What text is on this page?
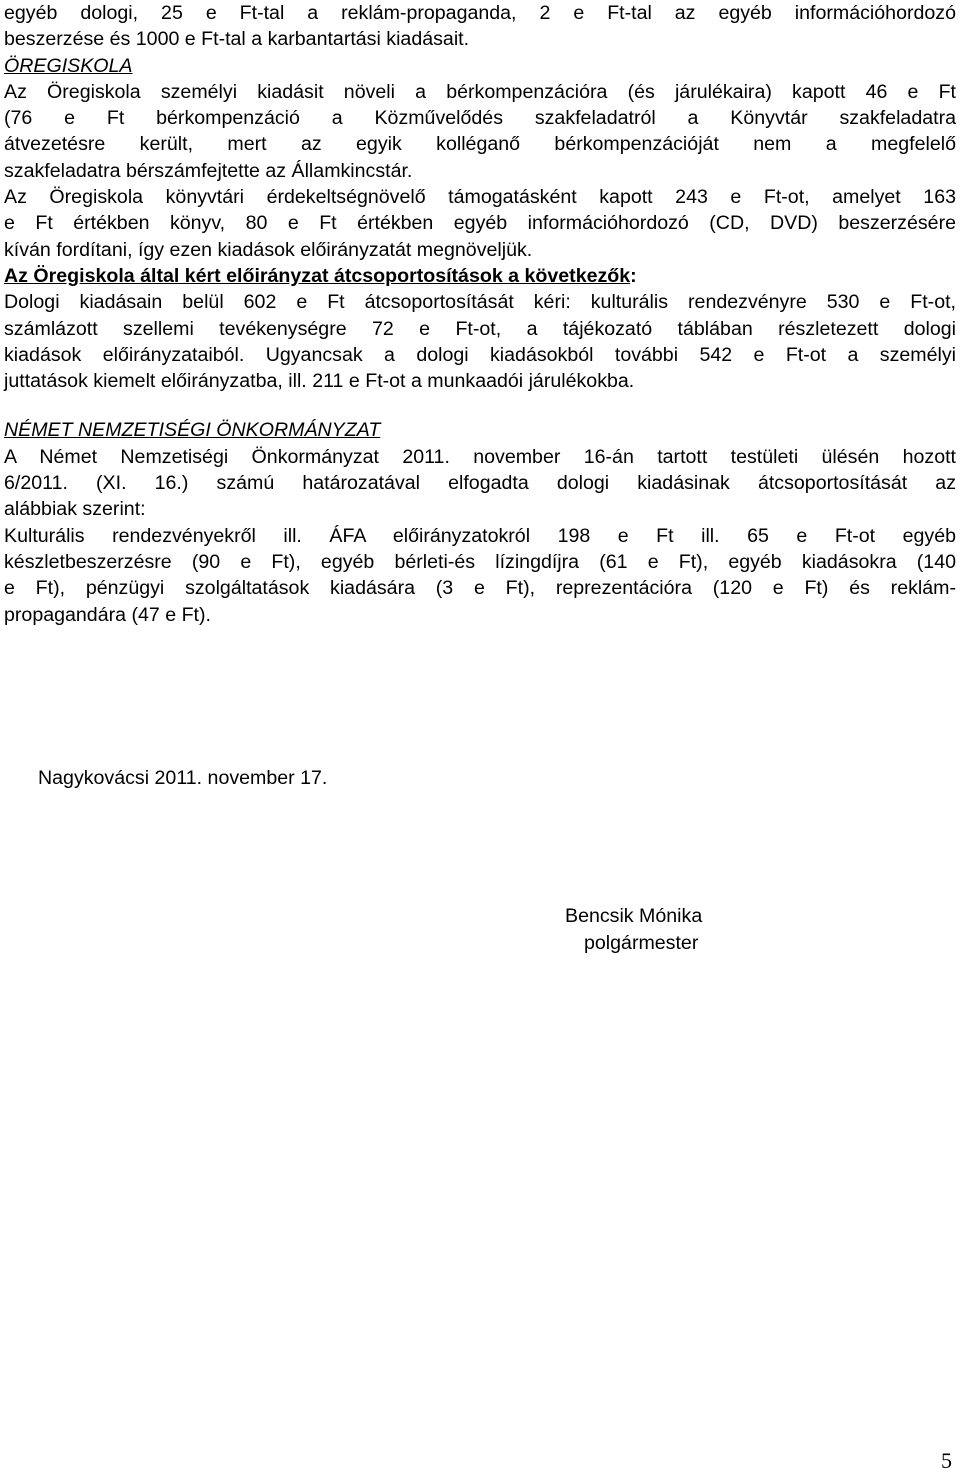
egyéb dologi, 25 e Ft-tal a reklám-propaganda, 2 e Ft-tal az egyéb információhordozó
beszerzése és 1000 e Ft-tal a karbantartási kiadásait.
ÖREGISKOLA
Az Öregiskola személyi kiadásit növeli a bérkompenzációra (és járulékaira) kapott 46 e Ft
(76 e Ft bérkompenzáció a Közművelődés szakfeladatról a Könyvtár szakfeladatra
átvezetésre került, mert az egyik kolléganő bérkompenzációját nem a megfelelő
szakfeladatra bérszámfejtette az Államkincstár.
Az Öregiskola könyvtári érdekeltségnövelő támogatásként kapott 243 e Ft-ot, amelyet 163
e Ft értékben könyv, 80 e Ft értékben egyéb információhordozó (CD, DVD) beszerzésére
kíván fordítani, így ezen kiadások előirányzatát megnöveljük.
Az Öregiskola által kért előirányzat átcsoportosítások a következők:
Dologi kiadásain belül 602 e Ft átcsoportosítását kéri: kulturális rendezvényre 530 e Ft-ot,
számlázott szellemi tevékenységre 72 e Ft-ot, a tájékozató táblában részletezett dologi
kiadások előirányzataiból. Ugyancsak a dologi kiadásokból további 542 e Ft-ot a személyi
juttatások kiemelt előirányzatba, ill. 211 e Ft-ot a munkaadói járulékokba.
NÉMET NEMZETISÉGI ÖNKORMÁNYZAT
A Német Nemzetiségi Önkormányzat 2011. november 16-án tartott testületi ülésén hozott
6/2011. (XI. 16.) számú határozatával elfogadta dologi kiadásinak átcsoportosítását az
alábbiak szerint:
Kulturális rendezvényekről ill. ÁFA előirányzatokról 198 e Ft ill. 65 e Ft-ot egyéb
készletbeszerzésre (90 e Ft), egyéb bérleti-és lízingdíjra (61 e Ft), egyéb kiadásokra (140
e Ft), pénzügyi szolgáltatások kiadására (3 e Ft), reprezentációra (120 e Ft) és reklám-
propagandára (47 e Ft).
Nagykovácsi 2011. november 17.
Bencsik Mónika
polgármester
5
